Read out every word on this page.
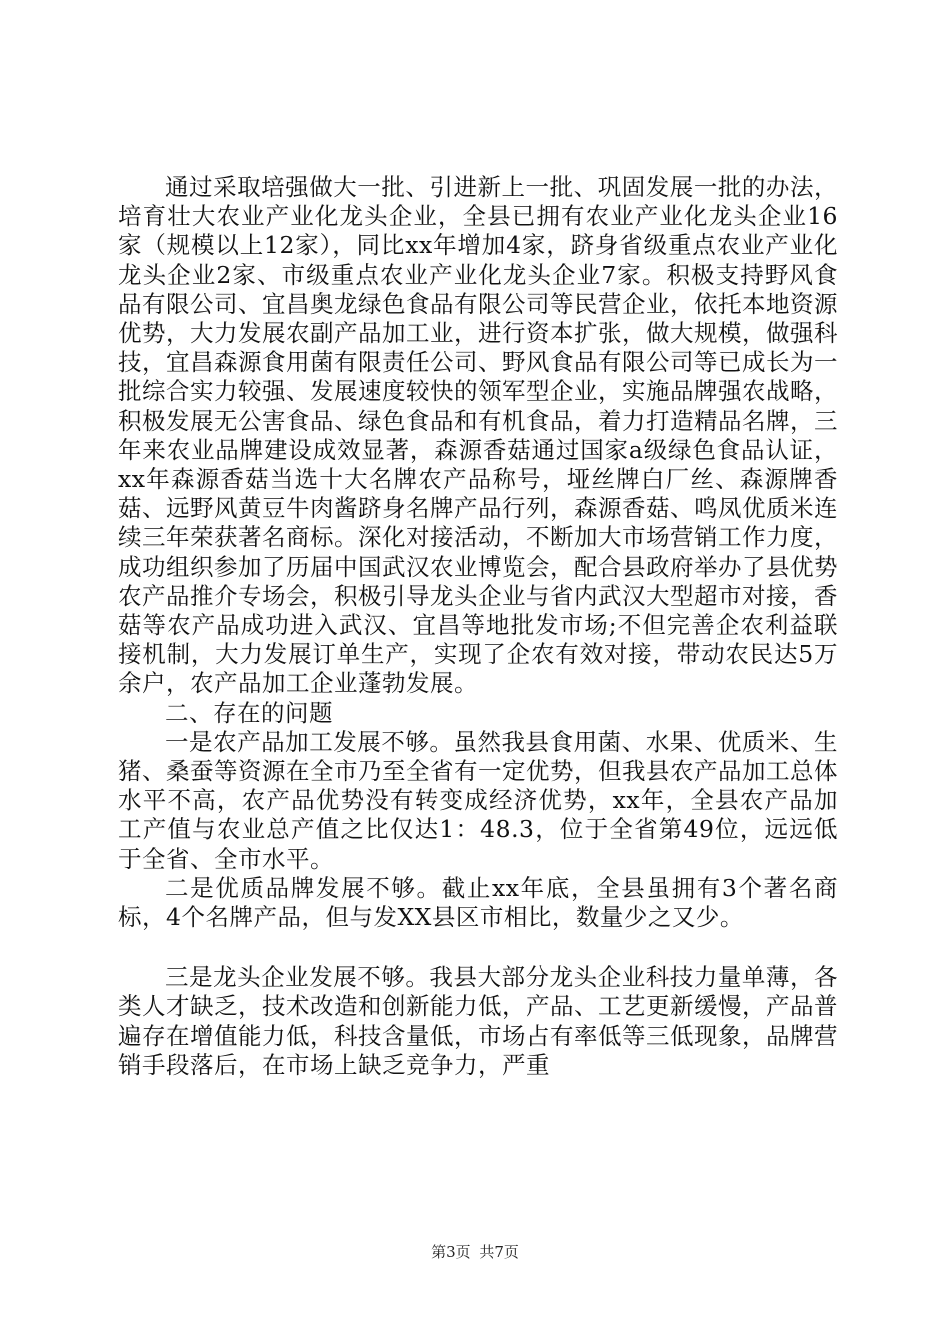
通过采取培强做大一批、引进新上一批、巩固发展一批的办法，培育壮大农业产业化龙头企业，全县已拥有农业产业化龙头企业16家（规模以上12家），同比xx年增加4家，跻身省级重点农业产业化龙头企业2家、市级重点农业产业化龙头企业7家。积极支持野风食品有限公司、宜昌奥龙绿色食品有限公司等民营企业，依托本地资源优势，大力发展农副产品加工业，进行资本扩张，做大规模，做强科技，宜昌森源食用菌有限责任公司、野风食品有限公司等已成长为一批综合实力较强、发展速度较快的领军型企业，实施品牌强农战略，积极发展无公害食品、绿色食品和有机食品，着力打造精品名牌，三年来农业品牌建设成效显著，森源香菇通过国家a级绿色食品认证，xx年森源香菇当选十大名牌农产品称号，垭丝牌白厂丝、森源牌香菇、远野风黄豆牛肉酱跻身名牌产品行列，森源香菇、鸣凤优质米连续三年荣获著名商标。深化对接活动，不断加大市场营销工作力度，成功组织参加了历届中国武汉农业博览会，配合县政府举办了县优势农产品推介专场会，积极引导龙头企业与省内武汉大型超市对接，香菇等农产品成功进入武汉、宜昌等地批发市场;不但完善企农利益联接机制，大力发展订单生产，实现了企农有效对接，带动农民达5万余户，农产品加工企业蓬勃发展。

二、存在的问题

一是农产品加工发展不够。虽然我县食用菌、水果、优质米、生猪、桑蚕等资源在全市乃至全省有一定优势，但我县农产品加工总体水平不高，农产品优势没有转变成经济优势，xx年，全县农产品加工产值与农业总产值之比仅达1：48.3，位于全省第49位，远远低于全省、全市水平。

二是优质品牌发展不够。截止xx年底，全县虽拥有3个著名商标，4个名牌产品，但与发XX县区市相比，数量少之又少。

三是龙头企业发展不够。我县大部分龙头企业科技力量单薄，各类人才缺乏，技术改造和创新能力低，产品、工艺更新缓慢，产品普遍存在增值能力低，科技含量低，市场占有率低等三低现象，品牌营销手段落后，在市场上缺乏竞争力，严重

第3页 共7页
